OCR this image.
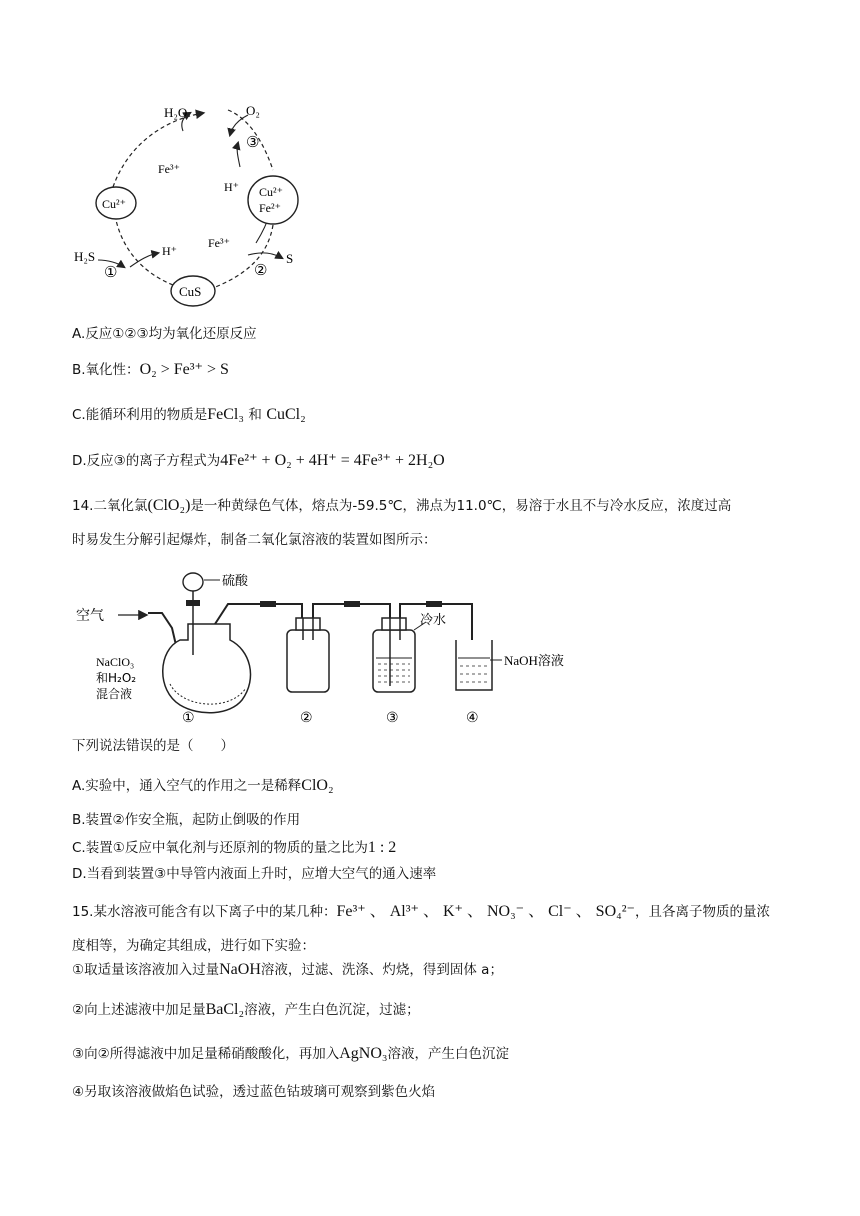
H₂O	O₂
③
Fe³⁺
H⁺
Cu²⁺
Cu²⁺
Fe²⁺
H₂S
①
H⁺
CuS
Fe³⁺
②
S
A.反应①②③均为氧化还原反应
B.氧化性：O₂ > Fe³⁺ > S
C.能循环利用的物质是FeCl₃ 和 CuCl₂
D.反应③的离子方程式为4Fe²⁺ + O₂ + 4H⁺ = 4Fe³⁺ + 2H₂O
14.二氧化氯(ClO₂)是一种黄绿色气体，熔点为-59.5℃，沸点为11.0℃，易溶于水且不与冷水反应，浓度过高
时易发生分解引起爆炸，制备二氧化氯溶液的装置如图所示：
空气
硫酸
NaClO₃
和H₂O₂
混合液
冷水
NaOH溶液
①	②	③	④
下列说法错误的是（　　）
A.实验中，通入空气的作用之一是稀释ClO₂
B.装置②作安全瓶，起防止倒吸的作用
C.装置①反应中氧化剂与还原剂的物质的量之比为1 : 2
D.当看到装置③中导管内液面上升时，应增大空气的通入速率
15.某水溶液可能含有以下离子中的某几种：Fe³⁺ 、 Al³⁺ 、 K⁺ 、 NO₃⁻ 、 Cl⁻ 、 SO₄²⁻，且各离子物质的量浓
度相等，为确定其组成，进行如下实验：
①取适量该溶液加入过量NaOH溶液，过滤、洗涤、灼烧，得到固体 a；
②向上述滤液中加足量BaCl₂溶液，产生白色沉淀，过滤；
③向②所得滤液中加足量稀硝酸酸化，再加入AgNO₃溶液，产生白色沉淀
④另取该溶液做焰色试验，透过蓝色钴玻璃可观察到紫色火焰
